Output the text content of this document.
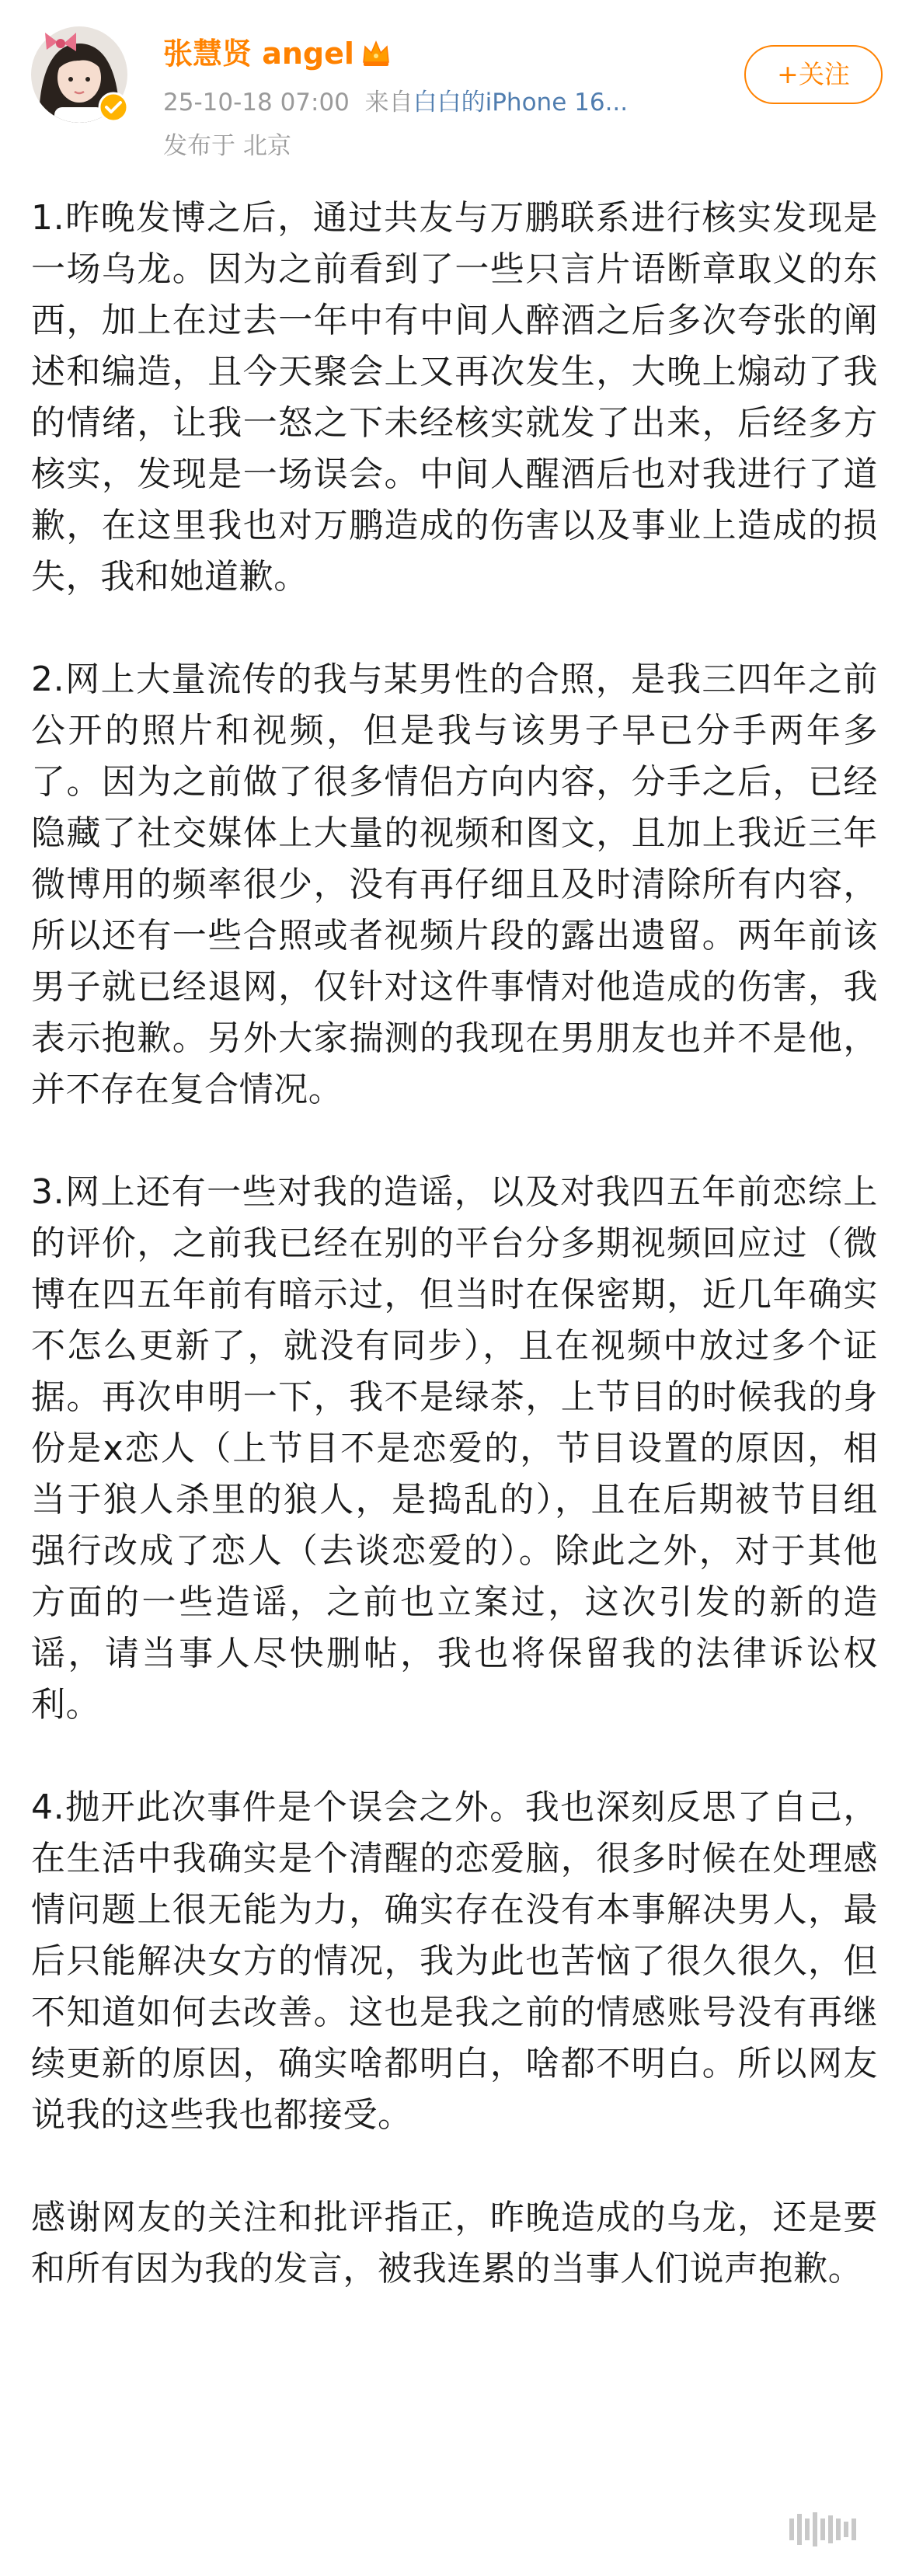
张慧贤 angel
25-10-18 07:00 来自白白的iPhone 16...
发布于 北京
+关注

1.昨晚发博之后，通过共友与万鹏联系进行核实发现是一场乌龙。因为之前看到了一些只言片语断章取义的东西，加上在过去一年中有中间人醉酒之后多次夸张的阐述和编造，且今天聚会上又再次发生，大晚上煽动了我的情绪，让我一怒之下未经核实就发了出来，后经多方核实，发现是一场误会。中间人醒酒后也对我进行了道歉，在这里我也对万鹏造成的伤害以及事业上造成的损失，我和她道歉。

2.网上大量流传的我与某男性的合照，是我三四年之前公开的照片和视频，但是我与该男子早已分手两年多了。因为之前做了很多情侣方向内容，分手之后，已经隐藏了社交媒体上大量的视频和图文，且加上我近三年微博用的频率很少，没有再仔细且及时清除所有内容，所以还有一些合照或者视频片段的露出遗留。两年前该男子就已经退网，仅针对这件事情对他造成的伤害，我表示抱歉。另外大家揣测的我现在男朋友也并不是他，并不存在复合情况。

3.网上还有一些对我的造谣，以及对我四五年前恋综上的评价，之前我已经在别的平台分多期视频回应过（微博在四五年前有暗示过，但当时在保密期，近几年确实不怎么更新了，就没有同步），且在视频中放过多个证据。再次申明一下，我不是绿茶，上节目的时候我的身份是x恋人（上节目不是恋爱的，节目设置的原因，相当于狼人杀里的狼人，是捣乱的），且在后期被节目组强行改成了恋人（去谈恋爱的）。除此之外，对于其他方面的一些造谣，之前也立案过，这次引发的新的造谣，请当事人尽快删帖，我也将保留我的法律诉讼权利。

4.抛开此次事件是个误会之外。我也深刻反思了自己，在生活中我确实是个清醒的恋爱脑，很多时候在处理感情问题上很无能为力，确实存在没有本事解决男人，最后只能解决女方的情况，我为此也苦恼了很久很久，但不知道如何去改善。这也是我之前的情感账号没有再继续更新的原因，确实啥都明白，啥都不明白。所以网友说我的这些我也都接受。

感谢网友的关注和批评指正，昨晚造成的乌龙，还是要和所有因为我的发言，被我连累的当事人们说声抱歉。
